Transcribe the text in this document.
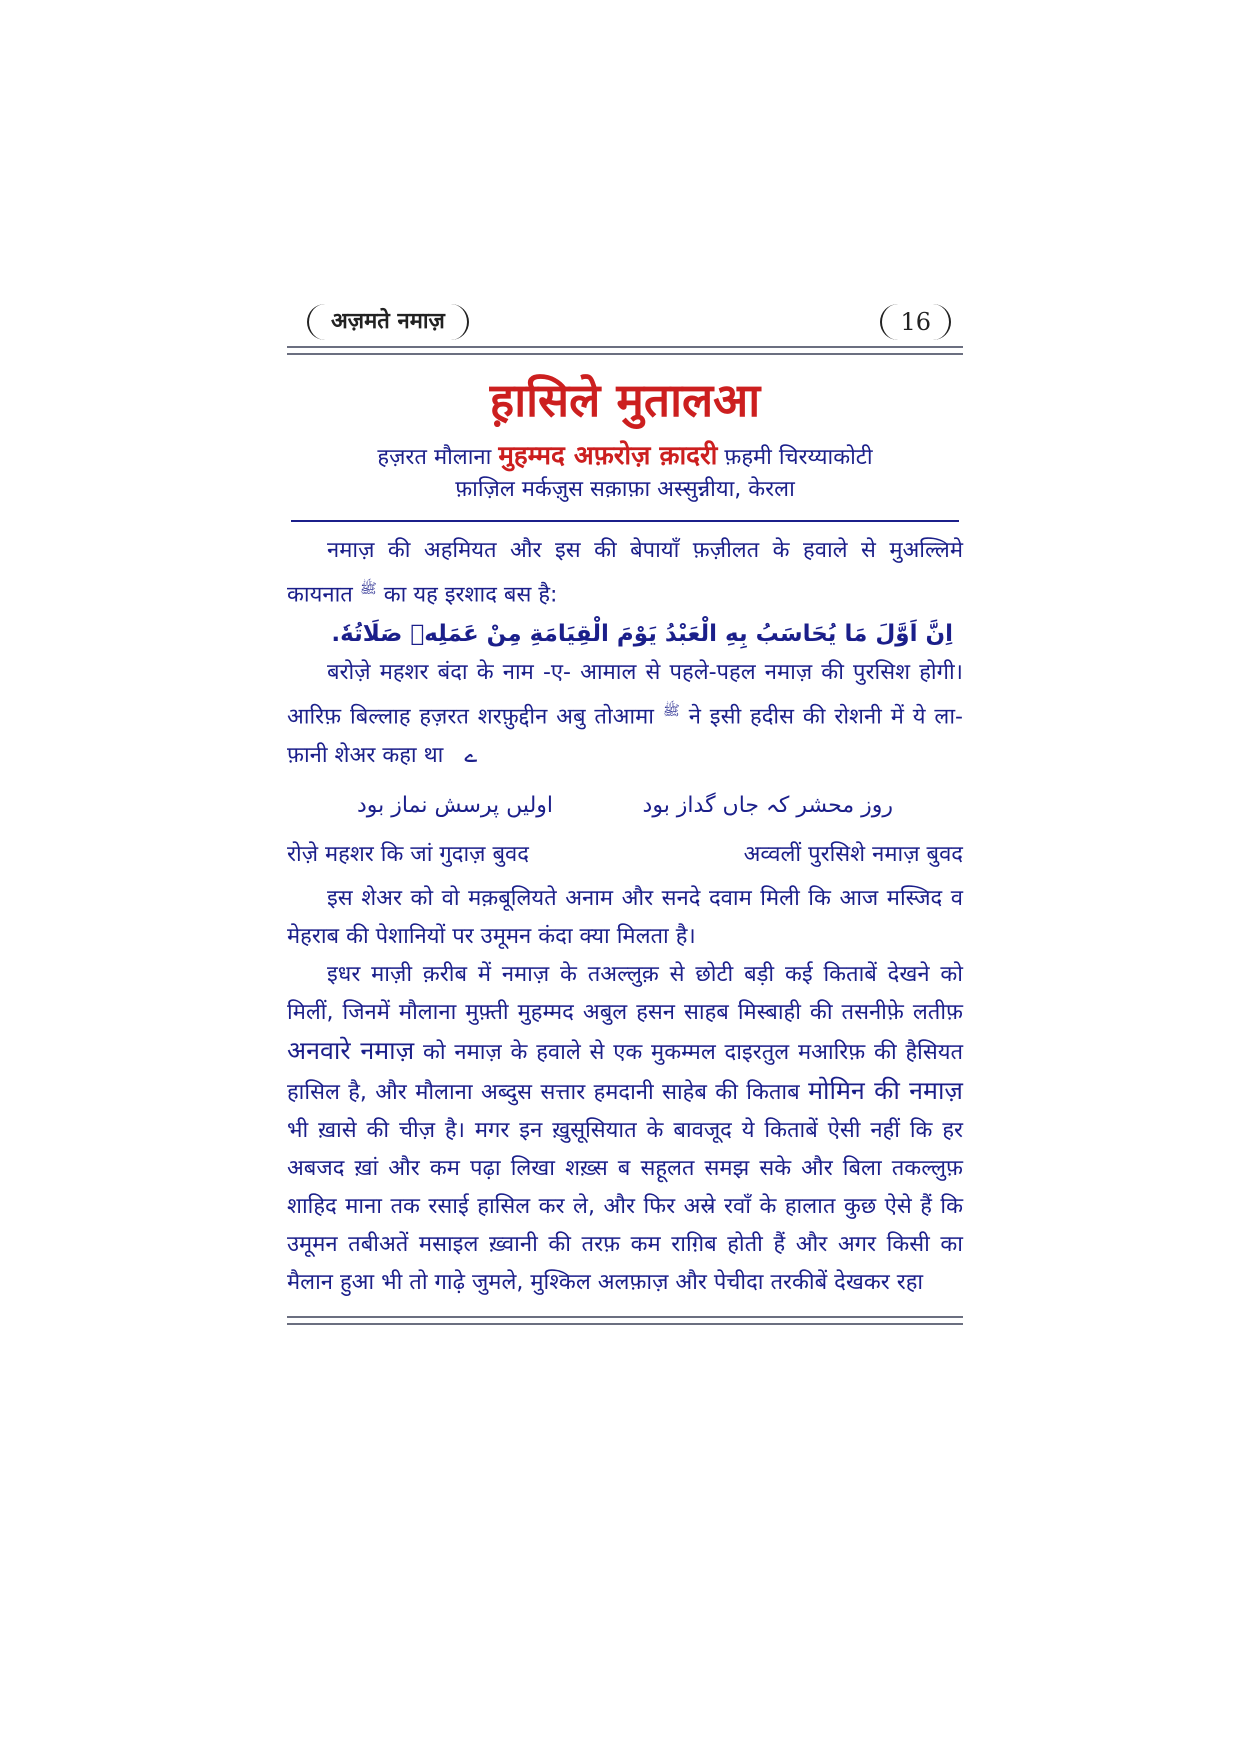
अज़मते नमाज़	16
ह़ासिले मुतालआ
हज़रत मौलाना मुहम्मद अफ़रोज़ क़ादरी फ़हमी चिरय्याकोटी
फ़ाज़िल मर्कज़ुस सक़ाफ़ा अस्सुन्नीया, केरला

नमाज़ की अहमियत और इस की बेपायाँ फ़ज़ीलत के हवाले से मुअल्लिमे कायनात $^ﷺ$ का यह इरशाद बस है:

اِنَّ اَوَّلَ مَا یُحَاسَبُ بِهِ الْعَبْدُ یَوْمَ الْقِیَامَةِ مِنْ عَمَلِهٖ صَلَاتُهٗ.

बरोज़े महशर बंदा के नाम -ए- आमाल से पहले-पहल नमाज़ की पुरसिश होगी। आरिफ़ बिल्लाह हज़रत शरफ़ुद्दीन अबु तोआमा $^ﷺ$ ने इसी हदीस की रोशनी में ये ला-फ़ानी शेअर कहा था ے

روز محشر کہ جاں گداز بود
اولیں پرسش نماز بود
रोज़े महशर कि जां गुदाज़ बुवद	अव्वलीं पुरसिशे नमाज़ बुवद

इस शेअर को वो मक़बूलियते अनाम और सनदे दवाम मिली कि आज मस्जिद व मेहराब की पेशानियों पर उमूमन कंदा क्या मिलता है।

इधर माज़ी क़रीब में नमाज़ के तअल्लुक़ से छोटी बड़ी कई किताबें देखने को मिलीं, जिनमें मौलाना मुफ़्ती मुहम्मद अबुल हसन साहब मिस्बाही की तसनीफ़े लतीफ़ अनवारे नमाज़ को नमाज़ के हवाले से एक मुकम्मल दाइरतुल मआरिफ़ की हैसियत हासिल है, और मौलाना अब्दुस सत्तार हमदानी साहेब की किताब मोमिन की नमाज़ भी ख़ासे की चीज़ है। मगर इन ख़ुसूसियात के बावजूद ये किताबें ऐसी नहीं कि हर अबजद ख़ां और कम पढ़ा लिखा शख़्स ब सहूलत समझ सके और बिला तकल्लुफ़ शाहिद माना तक रसाई हासिल कर ले, और फिर अस्रे रवाँ के हालात कुछ ऐसे हैं कि उमूमन तबीअतें मसाइल ख़्वानी की तरफ़ कम राग़िब होती हैं और अगर किसी का मैलान हुआ भी तो गाढ़े जुमले, मुश्किल अलफ़ाज़ और पेचीदा तरकीबें देखकर रहा
